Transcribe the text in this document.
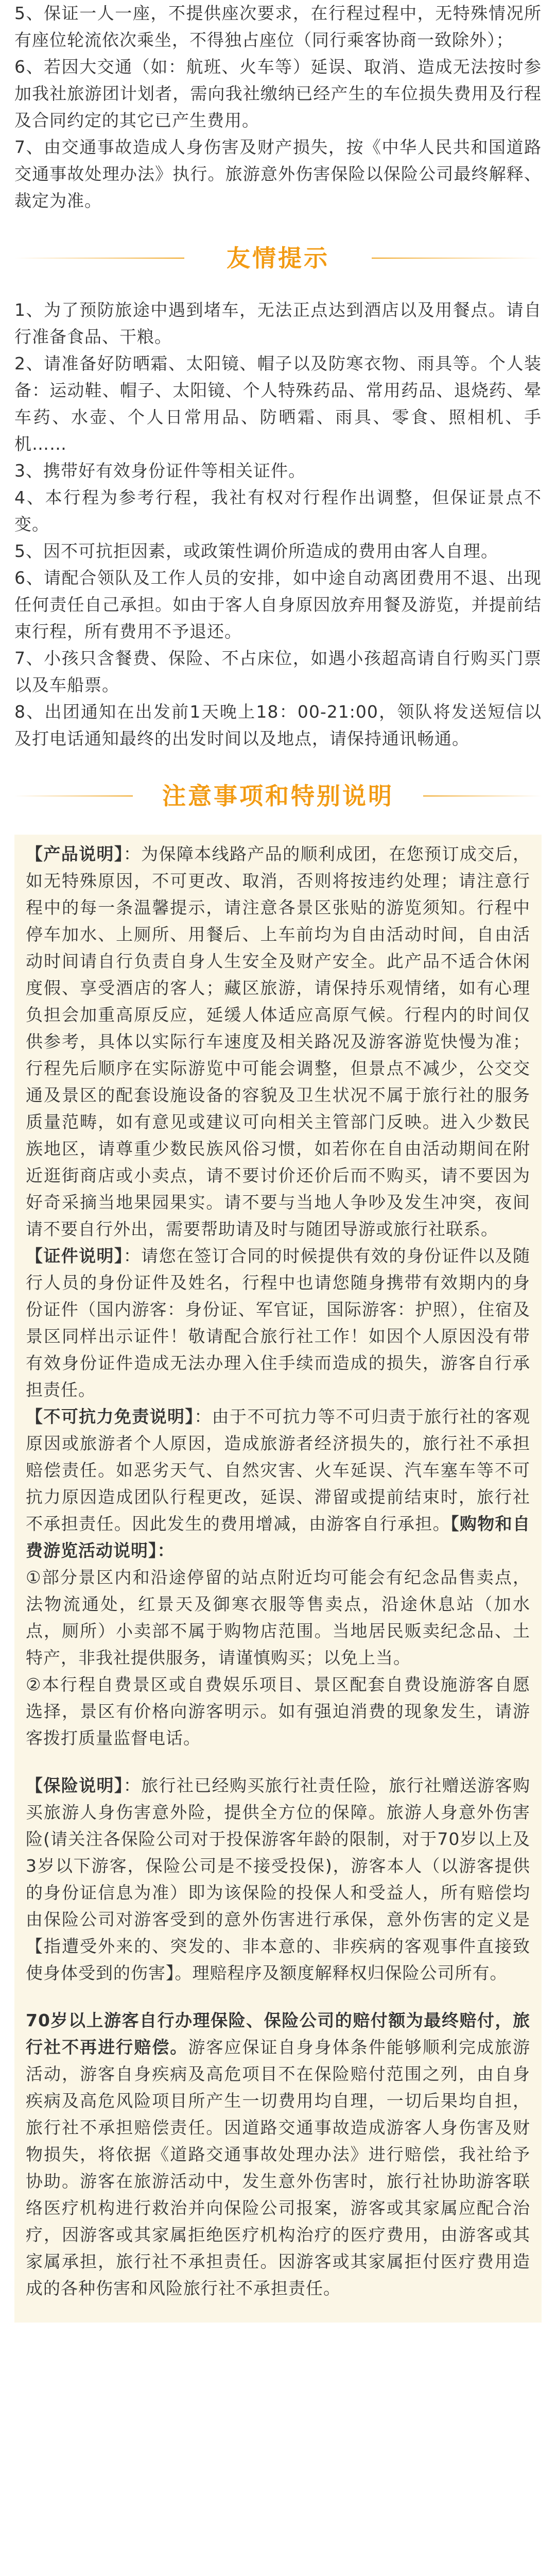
5、保证一人一座，不提供座次要求，在行程过程中，无特殊情况所有座位轮流依次乘坐，不得独占座位（同行乘客协商一致除外）；

6、若因大交通（如：航班、火车等）延误、取消、造成无法按时参加我社旅游团计划者，需向我社缴纳已经产生的车位损失费用及行程及合同约定的其它已产生费用。

7、由交通事故造成人身伤害及财产损失，按《中华人民共和国道路交通事故处理办法》执行。旅游意外伤害保险以保险公司最终解释、裁定为准。

友情提示

1、为了预防旅途中遇到堵车，无法正点达到酒店以及用餐点。请自行准备食品、干粮。

2、请准备好防晒霜、太阳镜、帽子以及防寒衣物、雨具等。个人装备：运动鞋、帽子、太阳镜、个人特殊药品、常用药品、退烧药、晕车药、水壶、个人日常用品、防晒霜、雨具、零食、照相机、手机……

3、携带好有效身份证件等相关证件。

4、本行程为参考行程，我社有权对行程作出调整，但保证景点不变。

5、因不可抗拒因素，或政策性调价所造成的费用由客人自理。

6、请配合领队及工作人员的安排，如中途自动离团费用不退、出现任何责任自己承担。如由于客人自身原因放弃用餐及游览，并提前结束行程，所有费用不予退还。

7、小孩只含餐费、保险、不占床位，如遇小孩超高请自行购买门票以及车船票。

8、出团通知在出发前1天晚上18：00-21:00，领队将发送短信以及打电话通知最终的出发时间以及地点，请保持通讯畅通。

注意事项和特别说明

【产品说明】：为保障本线路产品的顺利成团，在您预订成交后，如无特殊原因，不可更改、取消，否则将按违约处理；请注意行程中的每一条温馨提示，请注意各景区张贴的游览须知。行程中停车加水、上厕所、用餐后、上车前均为自由活动时间，自由活动时间请自行负责自身人生安全及财产安全。此产品不适合休闲度假、享受酒店的客人；藏区旅游，请保持乐观情绪，如有心理负担会加重高原反应，延缓人体适应高原气候。行程内的时间仅供参考，具体以实际行车速度及相关路况及游客游览快慢为准；行程先后顺序在实际游览中可能会调整，但景点不减少，公交交通及景区的配套设施设备的容貌及卫生状况不属于旅行社的服务质量范畴，如有意见或建议可向相关主管部门反映。进入少数民族地区，请尊重少数民族风俗习惯，如若你在自由活动期间在附近逛街商店或小卖点，请不要讨价还价后而不购买，请不要因为好奇采摘当地果园果实。请不要与当地人争吵及发生冲突，夜间请不要自行外出，需要帮助请及时与随团导游或旅行社联系。

【证件说明】：请您在签订合同的时候提供有效的身份证件以及随行人员的身份证件及姓名，行程中也请您随身携带有效期内的身份证件（国内游客：身份证、军官证，国际游客：护照），住宿及景区同样出示证件！敬请配合旅行社工作！如因个人原因没有带有效身份证件造成无法办理入住手续而造成的损失，游客自行承担责任。

【不可抗力免责说明】：由于不可抗力等不可归责于旅行社的客观原因或旅游者个人原因，造成旅游者经济损失的，旅行社不承担赔偿责任。如恶劣天气、自然灾害、火车延误、汽车塞车等不可抗力原因造成团队行程更改，延误、滞留或提前结束时，旅行社不承担责任。因此发生的费用增减，由游客自行承担。【购物和自费游览活动说明】：

①部分景区内和沿途停留的站点附近均可能会有纪念品售卖点，法物流通处，红景天及御寒衣服等售卖点，沿途休息站（加水点，厕所）小卖部不属于购物店范围。当地居民贩卖纪念品、土特产，非我社提供服务，请谨慎购买；以免上当。

②本行程自费景区或自费娱乐项目、景区配套自费设施游客自愿选择，景区有价格向游客明示。如有强迫消费的现象发生，请游客拨打质量监督电话。

【保险说明】：旅行社已经购买旅行社责任险，旅行社赠送游客购买旅游人身伤害意外险，提供全方位的保障。旅游人身意外伤害险(请关注各保险公司对于投保游客年龄的限制，对于70岁以上及3岁以下游客，保险公司是不接受投保)，游客本人（以游客提供的身份证信息为准）即为该保险的投保人和受益人，所有赔偿均由保险公司对游客受到的意外伤害进行承保，意外伤害的定义是【指遭受外来的、突发的、非本意的、非疾病的客观事件直接致使身体受到的伤害】。理赔程序及额度解释权归保险公司所有。

70岁以上游客自行办理保险、保险公司的赔付额为最终赔付，旅行社不再进行赔偿。游客应保证自身身体条件能够顺利完成旅游活动，游客自身疾病及高危项目不在保险赔付范围之列，由自身疾病及高危风险项目所产生一切费用均自理，一切后果均自担，旅行社不承担赔偿责任。因道路交通事故造成游客人身伤害及财物损失，将依据《道路交通事故处理办法》进行赔偿，我社给予协助。游客在旅游活动中，发生意外伤害时，旅行社协助游客联络医疗机构进行救治并向保险公司报案，游客或其家属应配合治疗，因游客或其家属拒绝医疗机构治疗的医疗费用，由游客或其家属承担，旅行社不承担责任。因游客或其家属拒付医疗费用造成的各种伤害和风险旅行社不承担责任。
